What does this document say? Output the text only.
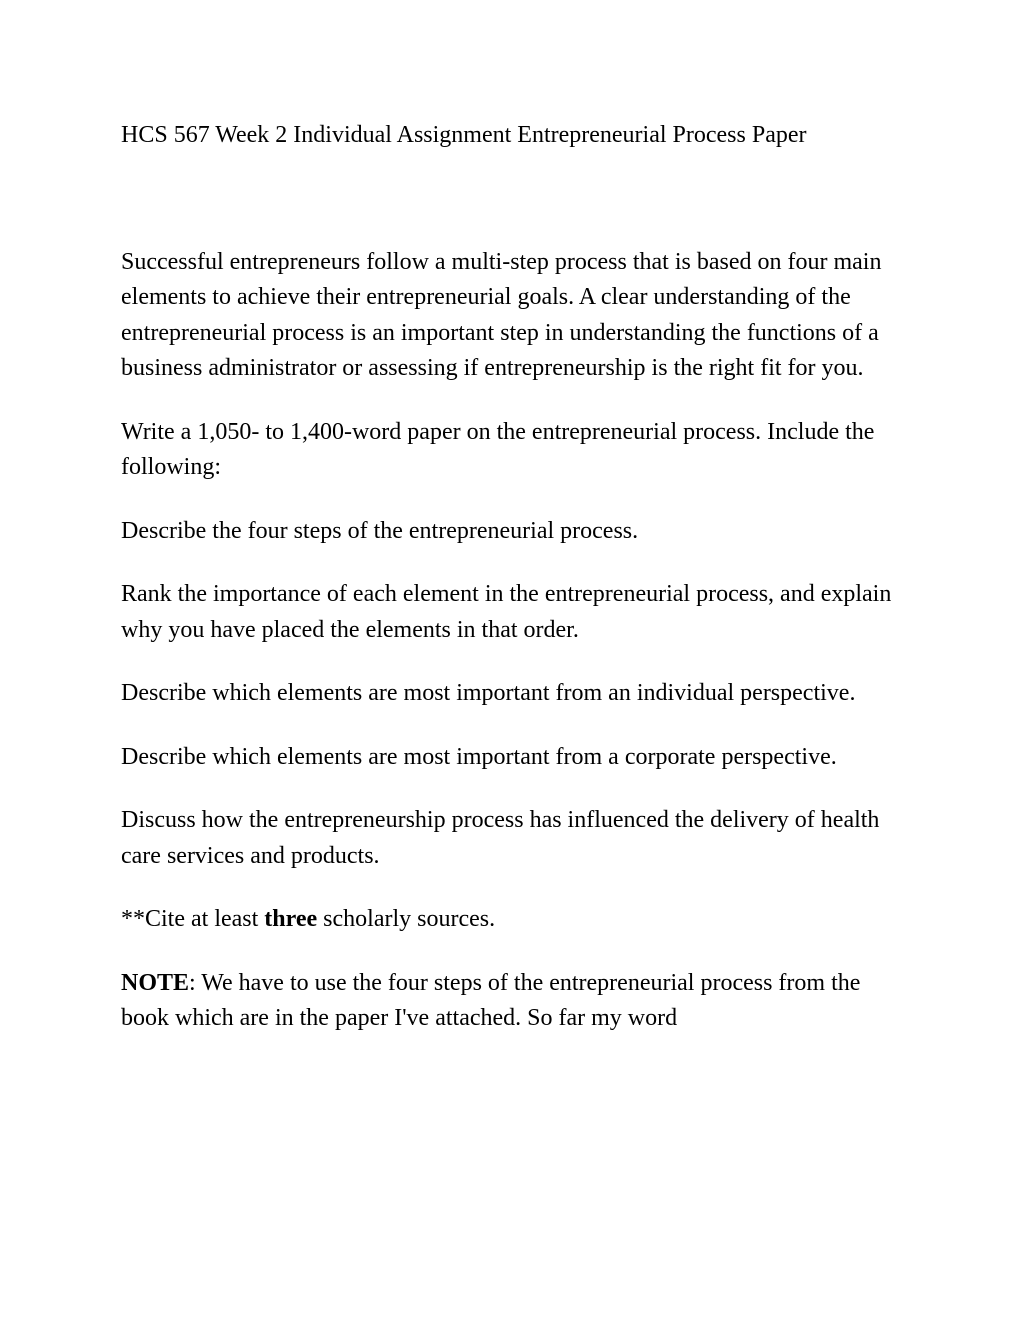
HCS 567 Week 2 Individual Assignment Entrepreneurial Process Paper

Successful entrepreneurs follow a multi-step process that is based on four main elements to achieve their entrepreneurial goals. A clear understanding of the entrepreneurial process is an important step in understanding the functions of a business administrator or assessing if entrepreneurship is the right fit for you.

Write a 1,050- to 1,400-word paper on the entrepreneurial process. Include the following:

Describe the four steps of the entrepreneurial process.

Rank the importance of each element in the entrepreneurial process, and explain why you have placed the elements in that order.

Describe which elements are most important from an individual perspective.

Describe which elements are most important from a corporate perspective.

Discuss how the entrepreneurship process has influenced the delivery of health care services and products.

**Cite at least three scholarly sources.

NOTE: We have to use the four steps of the entrepreneurial process from the book which are in the paper I've attached. So far my word
